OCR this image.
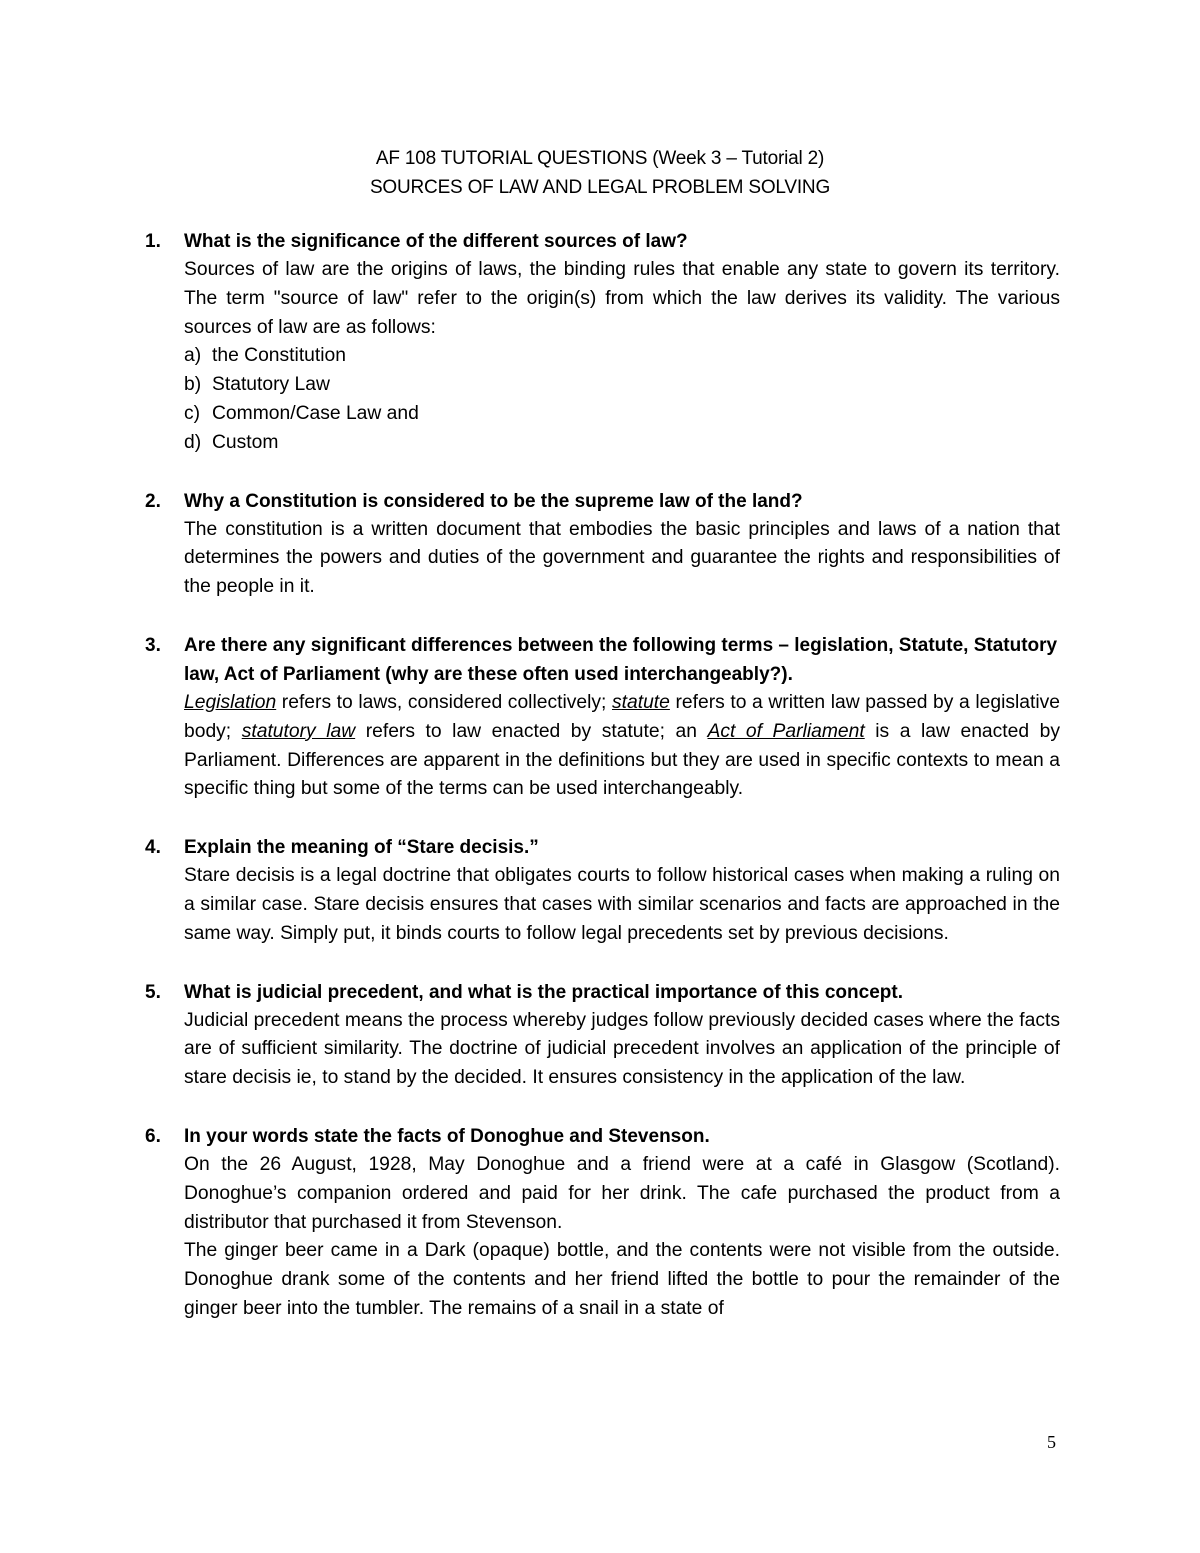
AF 108 TUTORIAL QUESTIONS (Week 3 – Tutorial 2)
SOURCES OF LAW AND LEGAL PROBLEM SOLVING
1.	What is the significance of the different sources of law?

Sources of law are the origins of laws, the binding rules that enable any state to govern its territory. The term "source of law" refer to the origin(s) from which the law derives its validity. The various sources of law are as follows:

a) the Constitution
b) Statutory Law
c) Common/Case Law and
d) Custom
2.	Why a Constitution is considered to be the supreme law of the land?

The constitution is a written document that embodies the basic principles and laws of a nation that determines the powers and duties of the government and guarantee the rights and responsibilities of the people in it.

3.	Are there any significant differences between the following terms – legislation, Statute, Statutory law, Act of Parliament (why are these often used interchangeably?).

Legislation refers to laws, considered collectively; statute refers to a written law passed by a legislative body; statutory law refers to law enacted by statute; an Act of Parliament is a law enacted by Parliament. Differences are apparent in the definitions but they are used in specific contexts to mean a specific thing but some of the terms can be used interchangeably.

4.	Explain the meaning of “Stare decisis.”

Stare decisis is a legal doctrine that obligates courts to follow historical cases when making a ruling on a similar case. Stare decisis ensures that cases with similar scenarios and facts are approached in the same way. Simply put, it binds courts to follow legal precedents set by previous decisions.

5.	What is judicial precedent, and what is the practical importance of this concept.

Judicial precedent means the process whereby judges follow previously decided cases where the facts are of sufficient similarity. The doctrine of judicial precedent involves an application of the principle of stare decisis ie, to stand by the decided. It ensures consistency in the application of the law.

6.	In your words state the facts of Donoghue and Stevenson.

On the 26 August, 1928, May Donoghue and a friend were at a café in Glasgow (Scotland). Donoghue’s companion ordered and paid for her drink. The cafe purchased the product from a distributor that purchased it from Stevenson.

The ginger beer came in a Dark (opaque) bottle, and the contents were not visible from the outside. Donoghue drank some of the contents and her friend lifted the bottle to pour the remainder of the ginger beer into the tumbler. The remains of a snail in a state of

5
